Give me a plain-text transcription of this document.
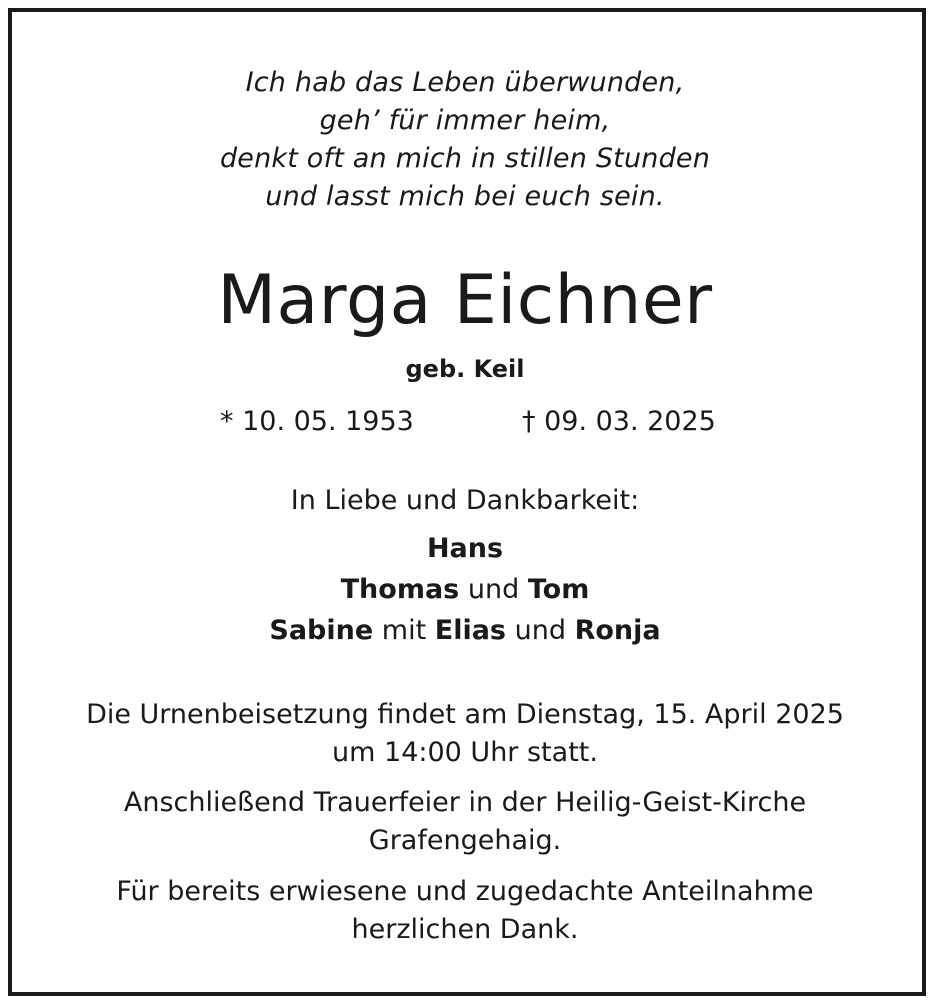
Ich hab das Leben überwunden,
geh’ für immer heim,
denkt oft an mich in stillen Stunden
und lasst mich bei euch sein.
Marga Eichner
geb. Keil
* 10. 05. 1953	† 09. 03. 2025
In Liebe und Dankbarkeit:
Hans
Thomas und Tom
Sabine mit Elias und Ronja
Die Urnenbeisetzung findet am Dienstag, 15. April 2025
um 14:00 Uhr statt.
Anschließend Trauerfeier in der Heilig-Geist-Kirche
Grafengehaig.
Für bereits erwiesene und zugedachte Anteilnahme
herzlichen Dank.
